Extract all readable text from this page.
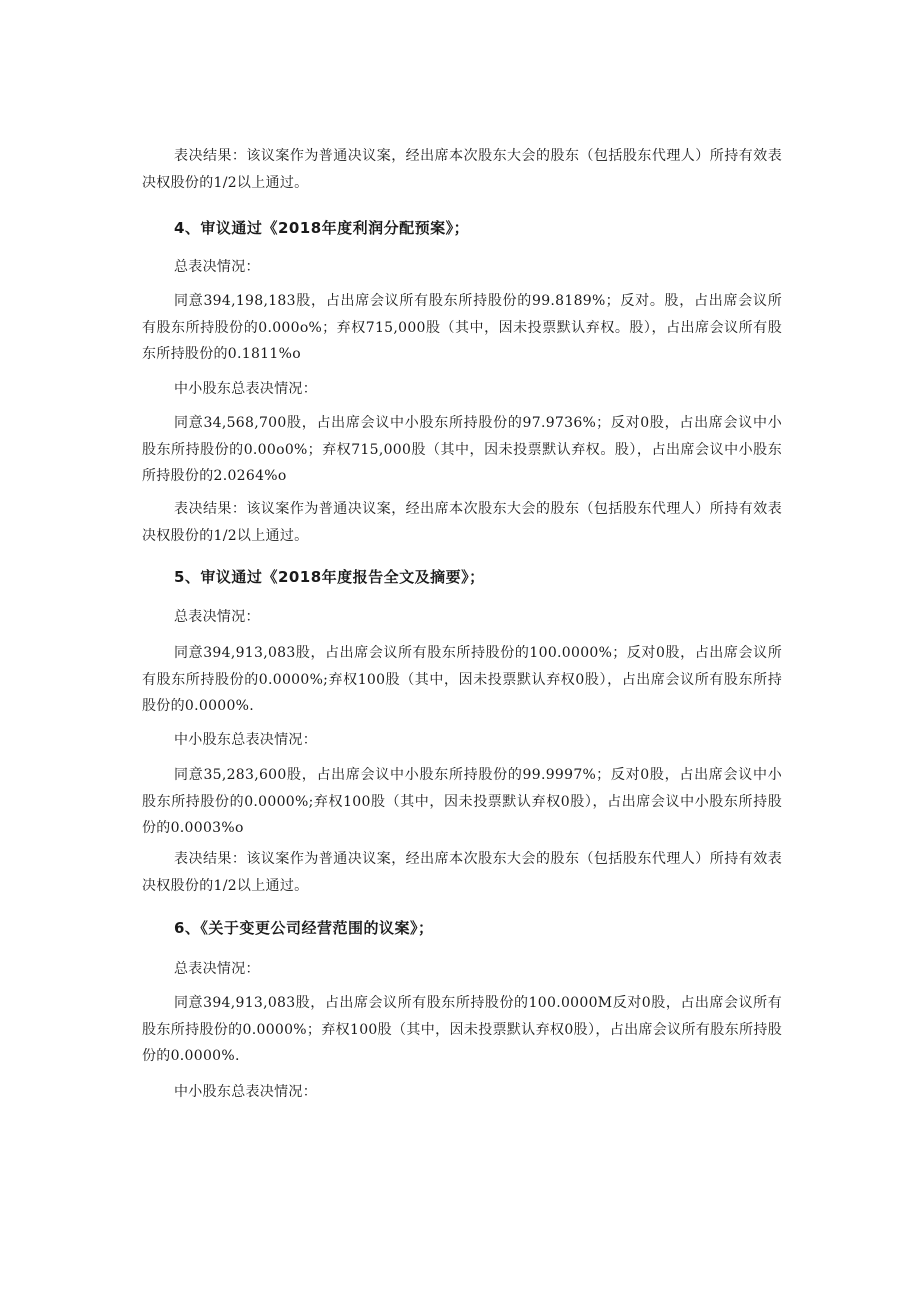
表决结果：该议案作为普通决议案，经出席本次股东大会的股东（包括股东代理人）所持有效表决权股份的1/2以上通过。
4、审议通过《2018年度利润分配预案》；
总表决情况：
同意394,198,183股，占出席会议所有股东所持股份的99.8189%；反对。股，占出席会议所有股东所持股份的0.000o%；弃权715,000股（其中，因未投票默认弃权。股），占出席会议所有股东所持股份的0.1811%o
中小股东总表决情况：
同意34,568,700股，占出席会议中小股东所持股份的97.9736%；反对0股，占出席会议中小股东所持股份的0.00o0%；弃权715,000股（其中，因未投票默认弃权。股），占出席会议中小股东所持股份的2.0264%o
表决结果：该议案作为普通决议案，经出席本次股东大会的股东（包括股东代理人）所持有效表决权股份的1/2以上通过。
5、审议通过《2018年度报告全文及摘要》；
总表决情况：
同意394,913,083股，占出席会议所有股东所持股份的100.0000%；反对0股，占出席会议所有股东所持股份的0.0000%;弃权100股（其中，因未投票默认弃权0股），占出席会议所有股东所持股份的0.0000%.
中小股东总表决情况：
同意35,283,600股，占出席会议中小股东所持股份的99.9997%；反对0股，占出席会议中小股东所持股份的0.0000%;弃权100股（其中，因未投票默认弃权0股），占出席会议中小股东所持股份的0.0003%o
表决结果：该议案作为普通决议案，经出席本次股东大会的股东（包括股东代理人）所持有效表决权股份的1/2以上通过。
6、《关于变更公司经营范围的议案》；
总表决情况：
同意394,913,083股，占出席会议所有股东所持股份的100.0000M反对0股，占出席会议所有股东所持股份的0.0000%；弃权100股（其中，因未投票默认弃权0股），占出席会议所有股东所持股份的0.0000%.
中小股东总表决情况：
